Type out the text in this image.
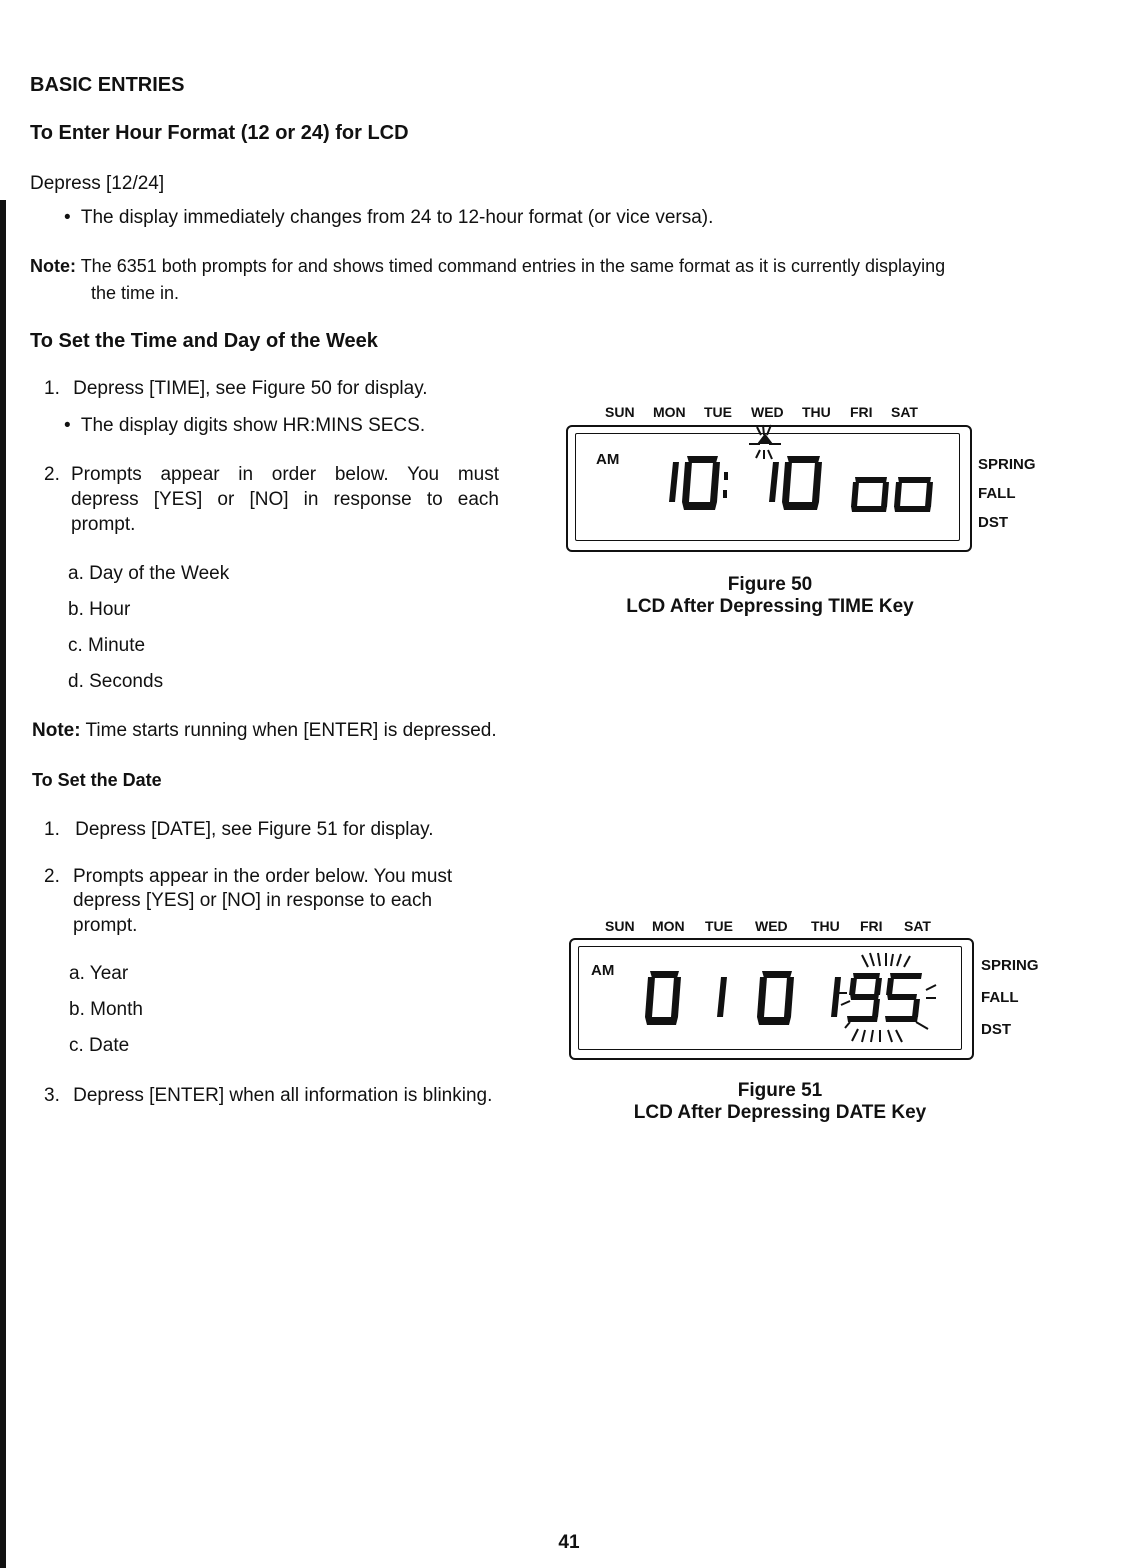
BASIC ENTRIES
To Enter Hour Format (12 or 24) for LCD
Depress [12/24]
• The display immediately changes from 24 to 12-hour format (or vice versa).
Note: The 6351 both prompts for and shows timed command entries in the same format as it is currently displaying
the time in.
To Set the Time and Day of the Week
1. Depress [TIME], see Figure 50 for display.
• The display digits show HR:MINS SECS.
2. Prompts appear in order below. You must
depress [YES] or [NO] in response to each
prompt.
a. Day of the Week
b. Hour
c. Minute
d. Seconds
Note: Time starts running when [ENTER] is depressed.
To Set the Date
1. Depress [DATE], see Figure 51 for display.
2. Prompts appear in the order below. You must
depress [YES] or [NO] in response to each
prompt.
a. Year
b. Month
c. Date
3. Depress [ENTER] when all information is blinking.
SUN MON TUE WED THU FRI SAT
AM	SPRING
FALL
DST
Figure 50
LCD After Depressing TIME Key
SUN MON TUE WED THU FRI SAT
AM	SPRING
FALL
DST
Figure 51
LCD After Depressing DATE Key
41
